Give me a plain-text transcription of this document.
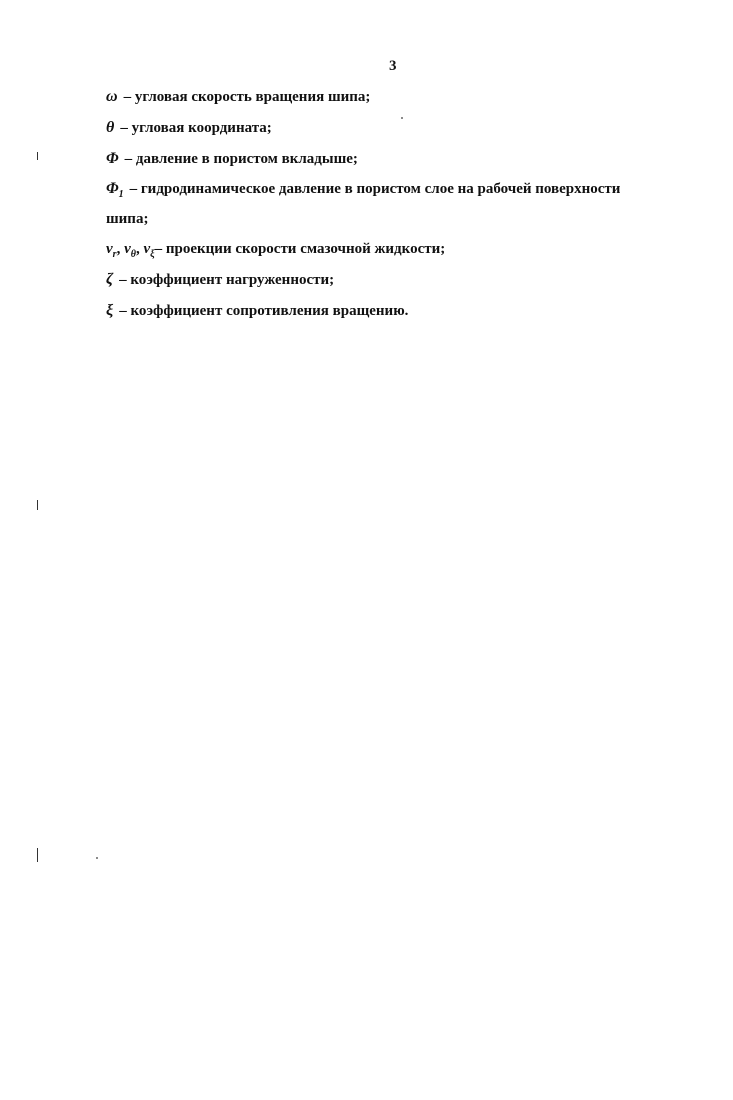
3
ω – угловая скорость вращения шипа;
θ – угловая координата;
Φ – давление в пористом вкладыше;
$\Phi_1$ – гидродинамическое давление в пористом слое на рабочей поверхности
шипа;
$\nu_r$, $\nu_\theta$, $\nu_\xi-$ проекции скорости смазочной жидкости;
ζ – коэффициент нагруженности;
ξ – коэффициент сопротивления вращению.
